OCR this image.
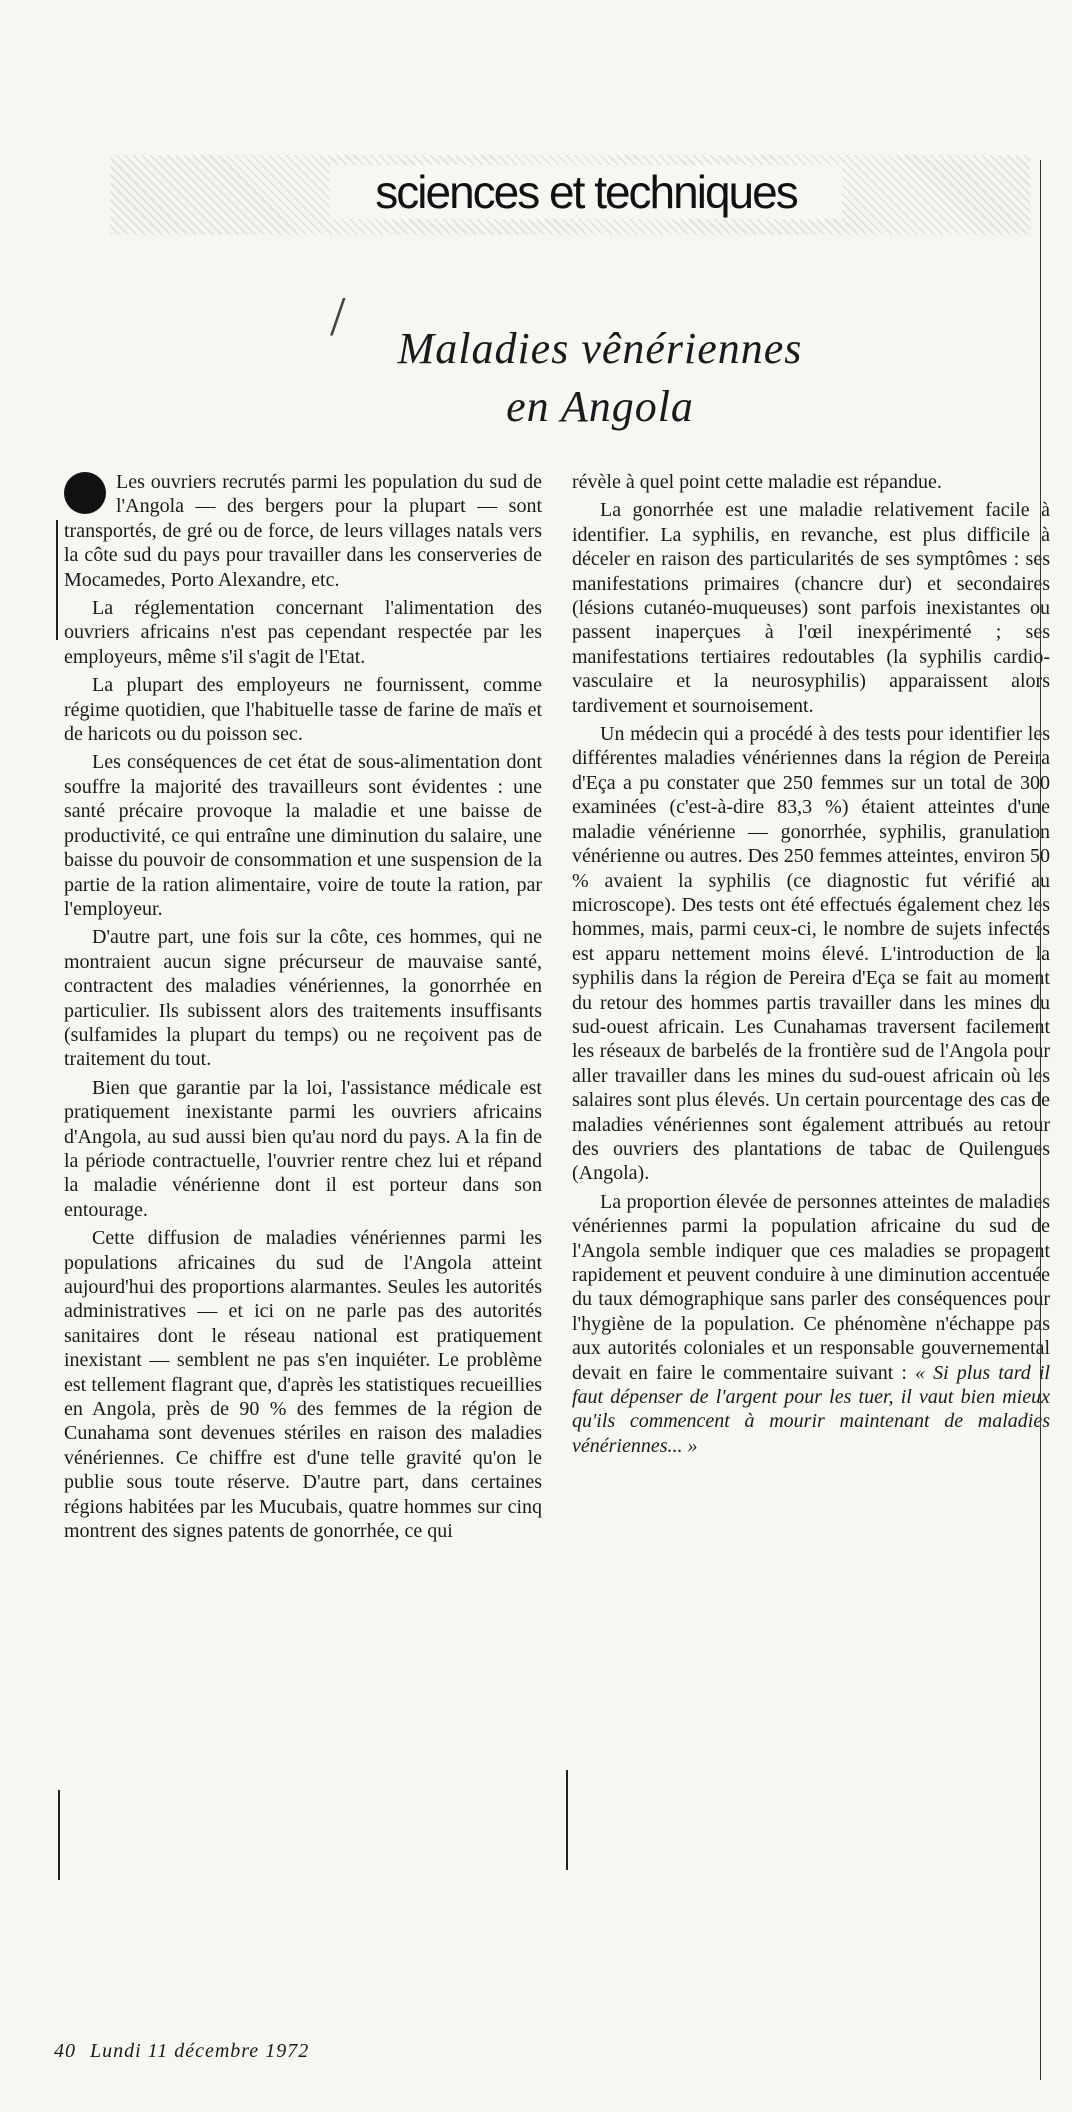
sciences et techniques
/
Maladies vênériennes
en Angola

Les ouvriers recrutés parmi les population du sud de l'Angola — des bergers pour la plupart — sont transportés, de gré ou de force, de leurs villages natals vers la côte sud du pays pour travailler dans les conserveries de Mocamedes, Porto Alexandre, etc.

La réglementation concernant l'alimentation des ouvriers africains n'est pas cependant respectée par les employeurs, même s'il s'agit de l'Etat.

La plupart des employeurs ne fournissent, comme régime quotidien, que l'habituelle tasse de farine de maïs et de haricots ou du poisson sec.

Les conséquences de cet état de sous-alimentation dont souffre la majorité des travailleurs sont évidentes : une santé précaire provoque la maladie et une baisse de productivité, ce qui entraîne une diminution du salaire, une baisse du pouvoir de consommation et une suspension de la partie de la ration alimentaire, voire de toute la ration, par l'employeur.

D'autre part, une fois sur la côte, ces hommes, qui ne montraient aucun signe précurseur de mauvaise santé, contractent des maladies vénériennes, la gonorrhée en particulier. Ils subissent alors des traitements insuffisants (sulfamides la plupart du temps) ou ne reçoivent pas de traitement du tout.

Bien que garantie par la loi, l'assistance médicale est pratiquement inexistante parmi les ouvriers africains d'Angola, au sud aussi bien qu'au nord du pays. A la fin de la période contractuelle, l'ouvrier rentre chez lui et répand la maladie vénérienne dont il est porteur dans son entourage.

Cette diffusion de maladies vénériennes parmi les populations africaines du sud de l'Angola atteint aujourd'hui des proportions alarmantes. Seules les autorités administratives — et ici on ne parle pas des autorités sanitaires dont le réseau national est pratiquement inexistant — semblent ne pas s'en inquiéter. Le problème est tellement flagrant que, d'après les statistiques recueillies en Angola, près de 90 % des femmes de la région de Cunahama sont devenues stériles en raison des maladies vénériennes. Ce chiffre est d'une telle gravité qu'on le publie sous toute réserve. D'autre part, dans certaines régions habitées par les Mucubais, quatre hommes sur cinq montrent des signes patents de gonorrhée, ce qui

révèle à quel point cette maladie est répandue.

La gonorrhée est une maladie relativement facile à identifier. La syphilis, en revanche, est plus difficile à déceler en raison des particularités de ses symptômes : ses manifestations primaires (chancre dur) et secondaires (lésions cutanéo-muqueuses) sont parfois inexistantes ou passent inaperçues à l'œil inexpérimenté ; ses manifestations tertiaires redoutables (la syphilis cardio-vasculaire et la neurosyphilis) apparaissent alors tardivement et sournoisement.

Un médecin qui a procédé à des tests pour identifier les différentes maladies vénériennes dans la région de Pereira d'Eça a pu constater que 250 femmes sur un total de 300 examinées (c'est-à-dire 83,3 %) étaient atteintes d'une maladie vénérienne — gonorrhée, syphilis, granulation vénérienne ou autres. Des 250 femmes atteintes, environ 50 % avaient la syphilis (ce diagnostic fut vérifié au microscope). Des tests ont été effectués également chez les hommes, mais, parmi ceux-ci, le nombre de sujets infectés est apparu nettement moins élevé. L'introduction de la syphilis dans la région de Pereira d'Eça se fait au moment du retour des hommes partis travailler dans les mines du sud-ouest africain. Les Cunahamas traversent facilement les réseaux de barbelés de la frontière sud de l'Angola pour aller travailler dans les mines du sud-ouest africain où les salaires sont plus élevés. Un certain pourcentage des cas de maladies vénériennes sont également attribués au retour des ouvriers des plantations de tabac de Quilengues (Angola).

La proportion élevée de personnes atteintes de maladies vénériennes parmi la population africaine du sud de l'Angola semble indiquer que ces maladies se propagent rapidement et peuvent conduire à une diminution accentuée du taux démographique sans parler des conséquences pour l'hygiène de la population. Ce phénomène n'échappe pas aux autorités coloniales et un responsable gouvernemental devait en faire le commentaire suivant : « Si plus tard il faut dépenser de l'argent pour les tuer, il vaut bien mieux qu'ils commencent à mourir maintenant de maladies vénériennes... »

40 Lundi 11 décembre 1972
